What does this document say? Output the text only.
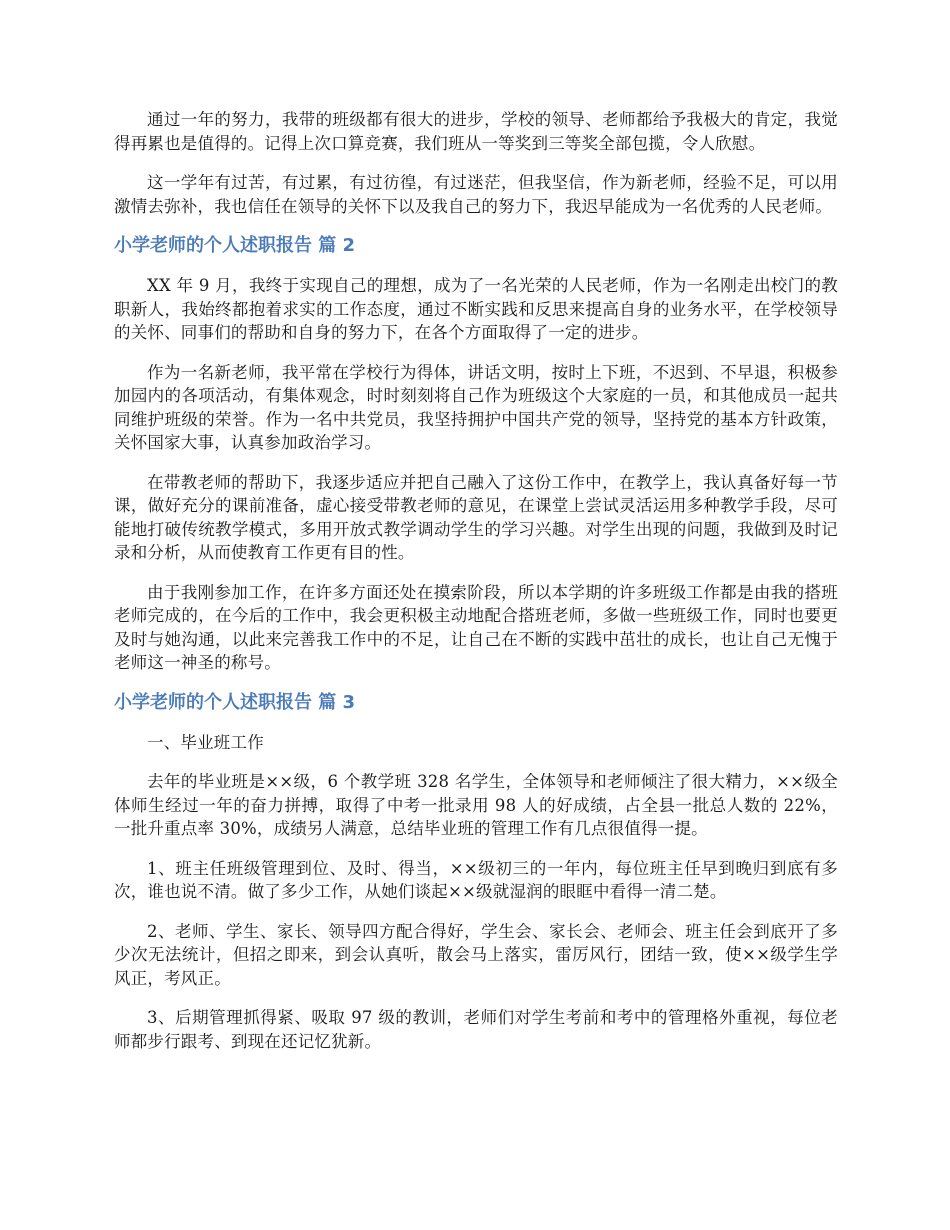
通过一年的努力，我带的班级都有很大的进步，学校的领导、老师都给予我极大的肯定，我觉得再累也是值得的。记得上次口算竞赛，我们班从一等奖到三等奖全部包揽，令人欣慰。

这一学年有过苦，有过累，有过彷徨，有过迷茫，但我坚信，作为新老师，经验不足，可以用激情去弥补，我也信任在领导的关怀下以及我自己的努力下，我迟早能成为一名优秀的人民老师。

小学老师的个人述职报告 篇 2

XX 年 9 月，我终于实现自己的理想，成为了一名光荣的人民老师，作为一名刚走出校门的教职新人，我始终都抱着求实的工作态度，通过不断实践和反思来提高自身的业务水平，在学校领导的关怀、同事们的帮助和自身的努力下，在各个方面取得了一定的进步。

作为一名新老师，我平常在学校行为得体，讲话文明，按时上下班，不迟到、不早退，积极参加园内的各项活动，有集体观念，时时刻刻将自己作为班级这个大家庭的一员，和其他成员一起共同维护班级的荣誉。作为一名中共党员，我坚持拥护中国共产党的领导，坚持党的基本方针政策，关怀国家大事，认真参加政治学习。

在带教老师的帮助下，我逐步适应并把自己融入了这份工作中，在教学上，我认真备好每一节课，做好充分的课前准备，虚心接受带教老师的意见，在课堂上尝试灵活运用多种教学手段，尽可能地打破传统教学模式，多用开放式教学调动学生的学习兴趣。对学生出现的问题，我做到及时记录和分析，从而使教育工作更有目的性。

由于我刚参加工作，在许多方面还处在摸索阶段，所以本学期的许多班级工作都是由我的搭班老师完成的，在今后的工作中，我会更积极主动地配合搭班老师，多做一些班级工作，同时也要更及时与她沟通，以此来完善我工作中的不足，让自己在不断的实践中茁壮的成长，也让自己无愧于老师这一神圣的称号。

小学老师的个人述职报告 篇 3

一、毕业班工作

去年的毕业班是××级，6 个教学班 328 名学生，全体领导和老师倾注了很大精力，××级全体师生经过一年的奋力拼搏，取得了中考一批录用 98 人的好成绩，占全县一批总人数的 22%，一批升重点率 30%，成绩另人满意，总结毕业班的管理工作有几点很值得一提。

1、班主任班级管理到位、及时、得当，××级初三的一年内，每位班主任早到晚归到底有多次，谁也说不清。做了多少工作，从她们谈起××级就湿润的眼眶中看得一清二楚。

2、老师、学生、家长、领导四方配合得好，学生会、家长会、老师会、班主任会到底开了多少次无法统计，但招之即来，到会认真听，散会马上落实，雷厉风行，团结一致，使××级学生学风正，考风正。

3、后期管理抓得紧、吸取 97 级的教训，老师们对学生考前和考中的管理格外重视，每位老师都步行跟考、到现在还记忆犹新。
